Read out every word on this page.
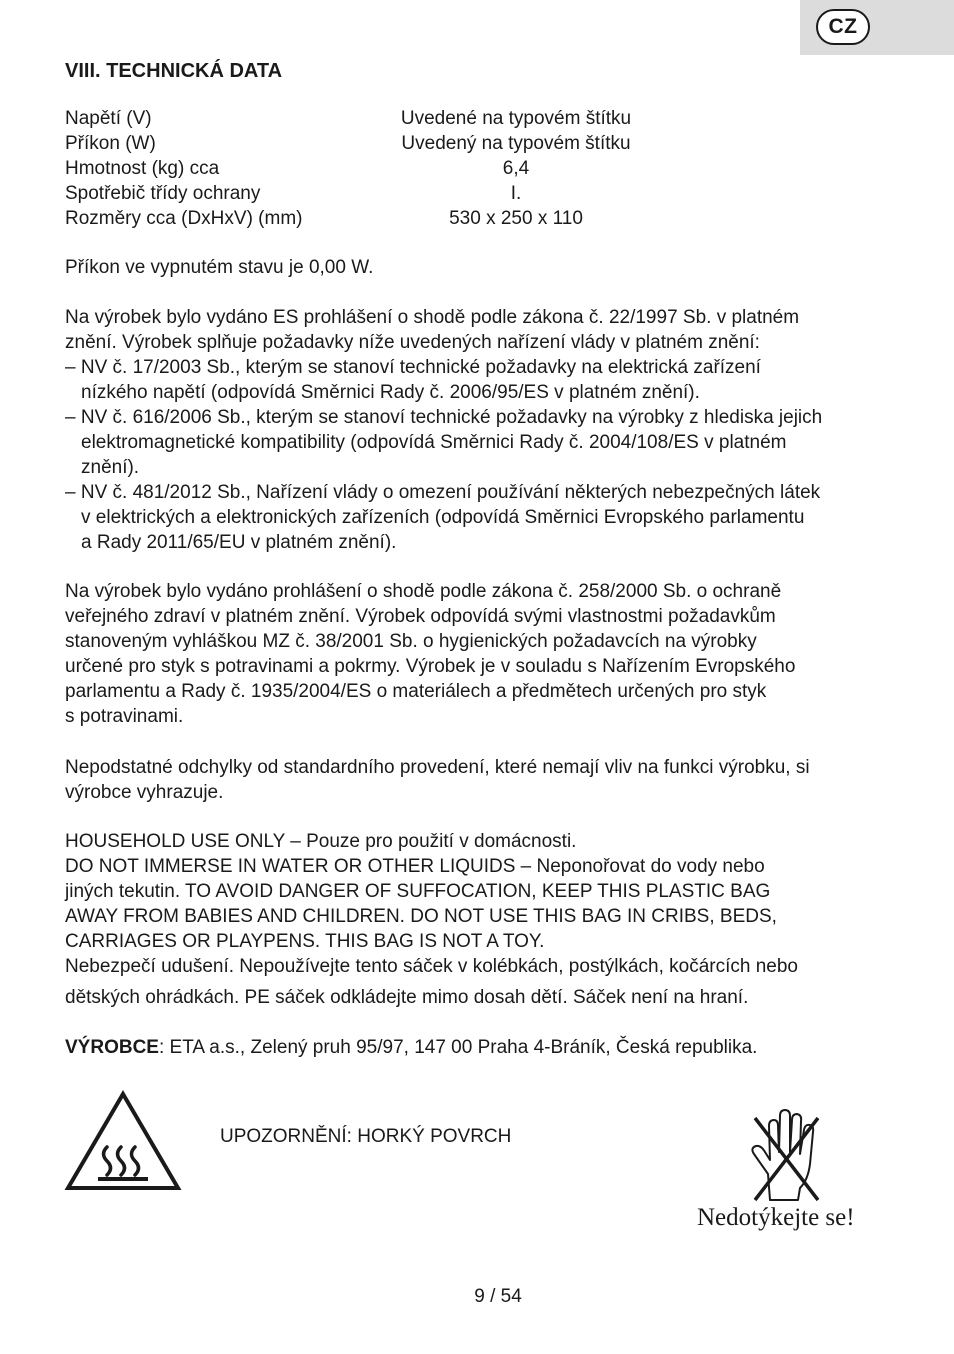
CZ
VIII. TECHNICKÁ DATA
Napětí (V)	Uvedené na typovém štítku
Příkon (W)	Uvedený na typovém štítku
Hmotnost (kg) cca	6,4
Spotřebič třídy ochrany	I.
Rozměry cca (DxHxV) (mm)	530 x 250 x 110

Příkon ve vypnutém stavu je 0,00 W.

Na výrobek bylo vydáno ES prohlášení o shodě podle zákona č. 22/1997 Sb. v platném
znění. Výrobek splňuje požadavky níže uvedených nařízení vlády v platném znění:
– NV č. 17/2003 Sb., kterým se stanoví technické požadavky na elektrická zařízení
nízkého napětí (odpovídá Směrnici Rady č. 2006/95/ES v platném znění).
– NV č. 616/2006 Sb., kterým se stanoví technické požadavky na výrobky z hlediska jejich
elektromagnetické kompatibility (odpovídá Směrnici Rady č. 2004/108/ES v platném
znění).
– NV č. 481/2012 Sb., Nařízení vlády o omezení používání některých nebezpečných látek
v elektrických a elektronických zařízeních (odpovídá Směrnici Evropského parlamentu
a Rady 2011/65/EU v platném znění).
Na výrobek bylo vydáno prohlášení o shodě podle zákona č. 258/2000 Sb. o ochraně
veřejného zdraví v platném znění. Výrobek odpovídá svými vlastnostmi požadavkům
stanoveným vyhláškou MZ č. 38/2001 Sb. o hygienických požadavcích na výrobky
určené pro styk s potravinami a pokrmy. Výrobek je v souladu s Nařízením Evropského
parlamentu a Rady č. 1935/2004/ES o materiálech a předmětech určených pro styk
s potravinami.
Nepodstatné odchylky od standardního provedení, které nemají vliv na funkci výrobku, si
výrobce vyhrazuje.
HOUSEHOLD USE ONLY – Pouze pro použití v domácnosti.
DO NOT IMMERSE IN WATER OR OTHER LIQUIDS – Neponořovat do vody nebo
jiných tekutin. TO AVOID DANGER OF SUFFOCATION, KEEP THIS PLASTIC BAG
AWAY FROM BABIES AND CHILDREN. DO NOT USE THIS BAG IN CRIBS, BEDS,
CARRIAGES OR PLAYPENS. THIS BAG IS NOT A TOY.
Nebezpečí udušení. Nepoužívejte tento sáček v kolébkách, postýlkách, kočárcích nebo
dětských ohrádkách. PE sáček odkládejte mimo dosah dětí. Sáček není na hraní.

VÝROBCE: ETA a.s., Zelený pruh 95/97, 147 00 Praha 4-Bráník, Česká republika.

UPOZORNĚNÍ: HORKÝ POVRCH
Nedotýkejte se!
9 / 54
